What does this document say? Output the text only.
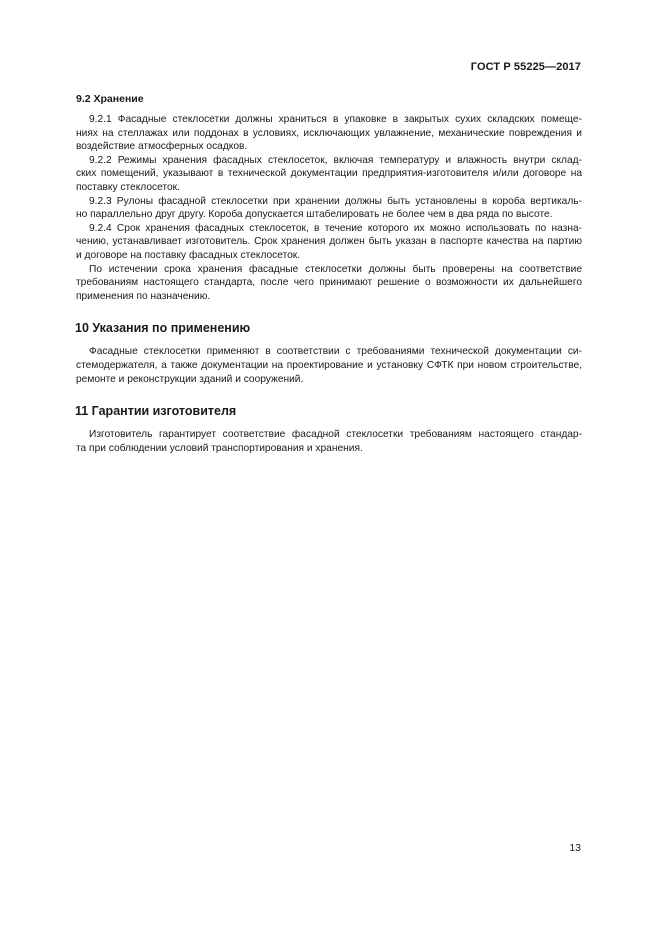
ГОСТ Р 55225—2017
9.2 Хранение
9.2.1 Фасадные стеклосетки должны храниться в упаковке в закрытых сухих складских помеще-
ниях на стеллажах или поддонах в условиях, исключающих увлажнение, механические повреждения и
воздействие атмосферных осадков.
9.2.2 Режимы хранения фасадных стеклосеток, включая температуру и влажность внутри склад-
ских помещений, указывают в технической документации предприятия-изготовителя и/или договоре на
поставку стеклосеток.
9.2.3 Рулоны фасадной стеклосетки при хранении должны быть установлены в короба вертикаль-
но параллельно друг другу. Короба допускается штабелировать не более чем в два ряда по высоте.
9.2.4 Срок хранения фасадных стеклосеток, в течение которого их можно использовать по назна-
чению, устанавливает изготовитель. Срок хранения должен быть указан в паспорте качества на партию
и договоре на поставку фасадных стеклосеток.
По истечении срока хранения фасадные стеклосетки должны быть проверены на соответствие
требованиям настоящего стандарта, после чего принимают решение о возможности их дальнейшего
применения по назначению.
10 Указания по применению
Фасадные стеклосетки применяют в соответствии с требованиями технической документации си-
стемодержателя, а также документации на проектирование и установку СФТК при новом строительстве,
ремонте и реконструкции зданий и сооружений.
11 Гарантии изготовителя
Изготовитель гарантирует соответствие фасадной стеклосетки требованиям настоящего стандар-
та при соблюдении условий транспортирования и хранения.
13
